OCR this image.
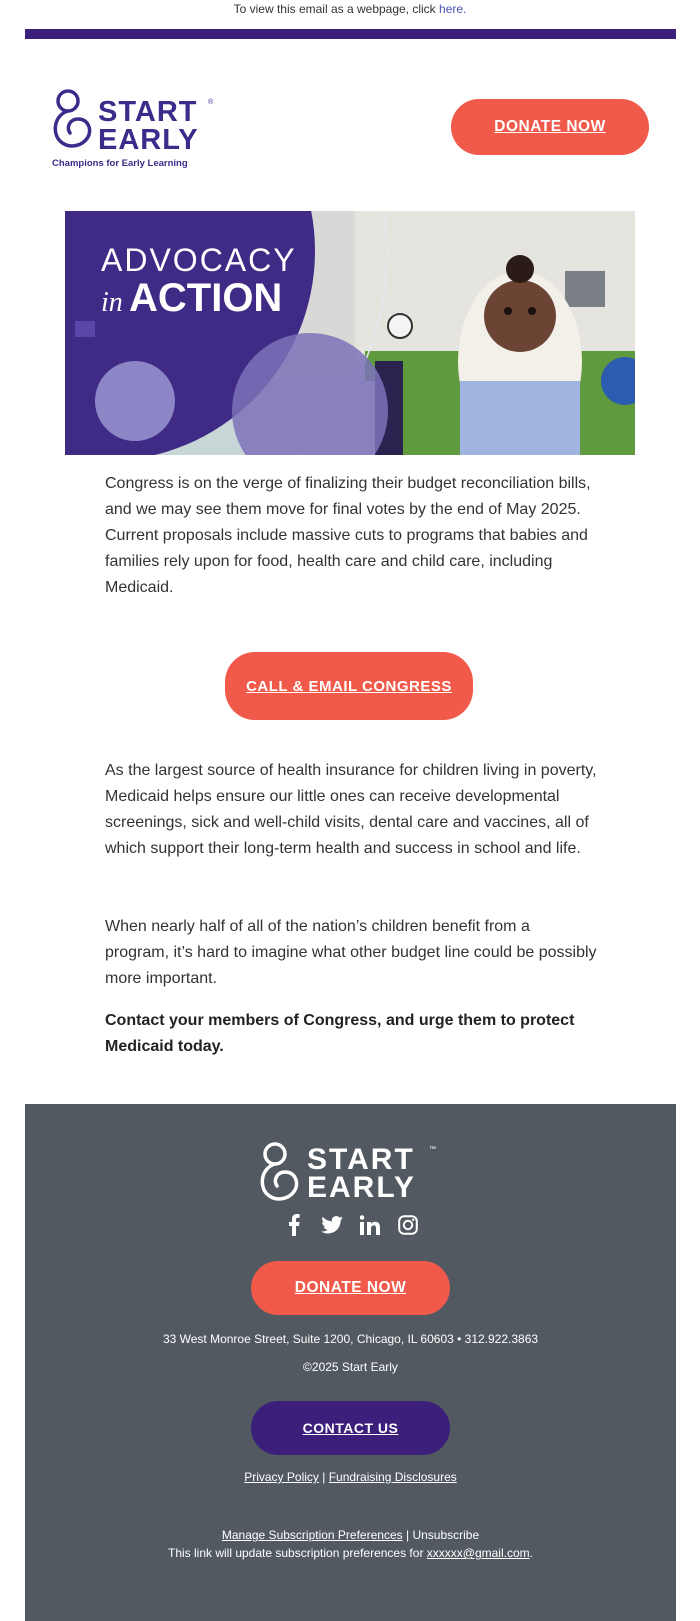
To view this email as a webpage, click here.
START
EARLY
®
Champions for Early Learning
DONATE NOW
ADVOCACY
in ACTION
Congress is on the verge of finalizing their budget reconciliation bills, and we may see them move for final votes by the end of May 2025. Current proposals include massive cuts to programs that babies and families rely upon for food, health care and child care, including Medicaid.
CALL & EMAIL CONGRESS
As the largest source of health insurance for children living in poverty, Medicaid helps ensure our little ones can receive developmental screenings, sick and well-child visits, dental care and vaccines, all of which support their long-term health and success in school and life.
When nearly half of all of the nation’s children benefit from a program, it’s hard to imagine what other budget line could be possibly more important.
Contact your members of Congress, and urge them to protect Medicaid today.
START
EARLY
™
DONATE NOW
33 West Monroe Street, Suite 1200, Chicago, IL 60603 • 312.922.3863
©2025 Start Early
CONTACT US
Privacy Policy | Fundraising Disclosures
Manage Subscription Preferences | Unsubscribe
This link will update subscription preferences for xxxxxx@gmail.com.
